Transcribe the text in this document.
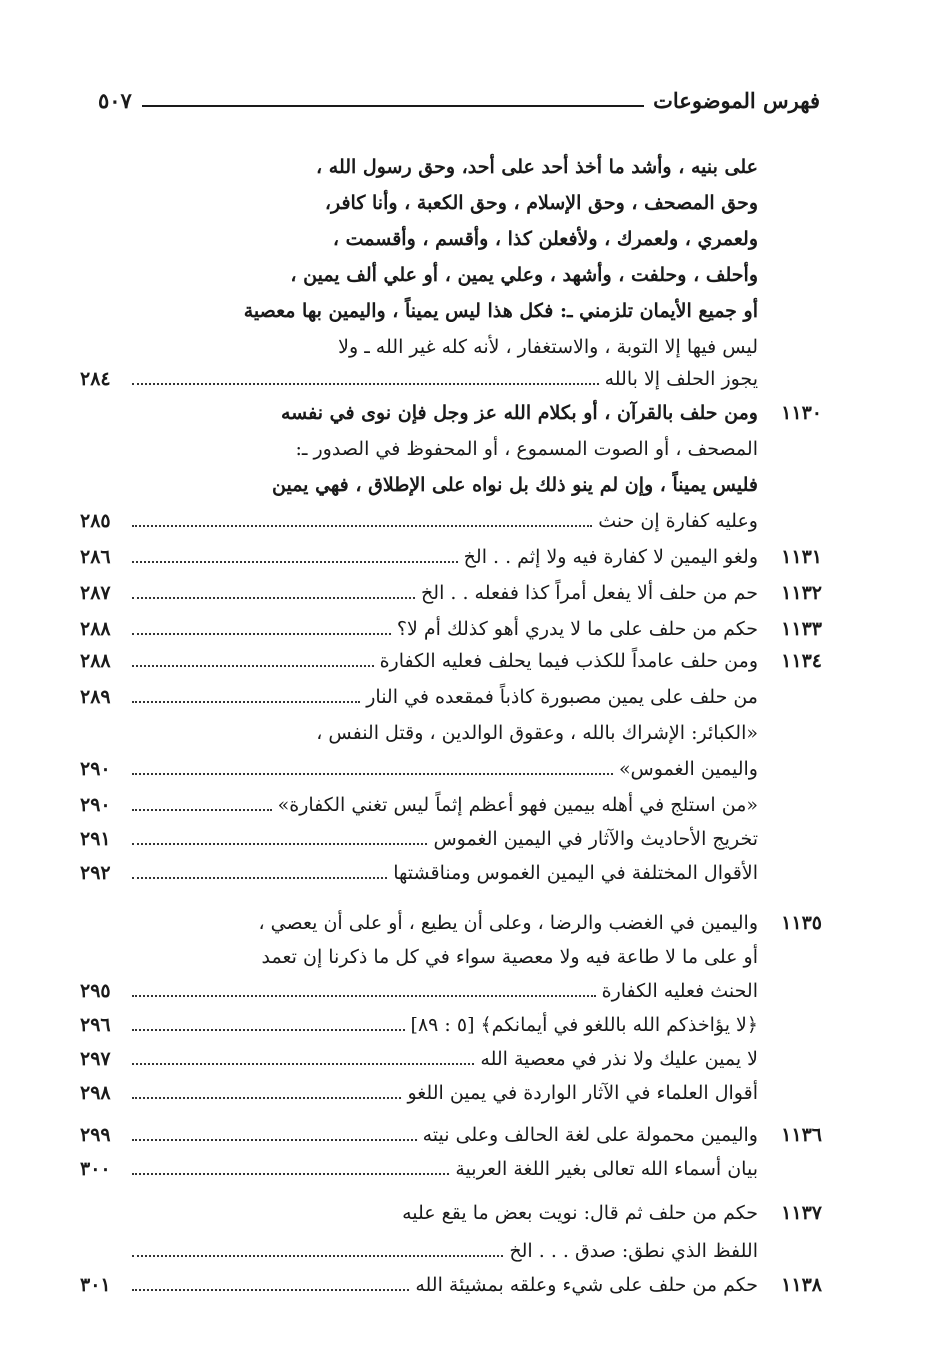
فهرس الموضوعات
٥٠٧
على بنيه ، وأشد ما أخذ أحد على أحد، وحق رسول الله ،
وحق المصحف ، وحق الإسلام ، وحق الكعبة ، وأنا كافر،
ولعمري ، ولعمرك ، ولأفعلن كذا ، وأقسم ، وأقسمت ،
وأحلف ، وحلفت ، وأشهد ، وعلي يمين ، أو علي ألف يمين ،
أو جميع الأيمان تلزمني ـ: فكل هذا ليس يميناً ، واليمين بها معصية
ليس فيها إلا التوبة ، والاستغفار ، لأنه كله غير الله ـ ولا
يجوز الحلف إلا بالله
٢٨٤
١١٣٠
ومن حلف بالقرآن ، أو بكلام الله عز وجل فإن نوى في نفسه
المصحف ، أو الصوت المسموع ، أو المحفوظ في الصدور ـ:
فليس يميناً ، وإن لم ينو ذلك بل نواه على الإطلاق ، فهي يمين
وعليه كفارة إن حنث
٢٨٥
١١٣١
ولغو اليمين لا كفارة فيه ولا إثم . . الخ
٢٨٦
١١٣٢
حم من حلف ألا يفعل أمراً كذا ففعله . . الخ
٢٨٧
١١٣٣
حكم من حلف على ما لا يدري أهو كذلك أم لا؟
٢٨٨
١١٣٤
ومن حلف عامداً للكذب فيما يحلف فعليه الكفارة
٢٨٨
من حلف على يمين مصبورة كاذباً فمقعده في النار
٢٨٩
«الكبائر: الإشراك بالله ، وعقوق الوالدين ، وقتل النفس ،
واليمين الغموس»
٢٩٠
«من استلج في أهله بيمين فهو أعظم إثماً ليس تغني الكفارة»
٢٩٠
تخريج الأحاديث والآثار في اليمين الغموس
٢٩١
الأقوال المختلفة في اليمين الغموس ومناقشتها
٢٩٢
١١٣٥
واليمين في الغضب والرضا ، وعلى أن يطيع ، أو على أن يعصي ،
أو على ما لا طاعة فيه ولا معصية سواء في كل ما ذكرنا إن تعمد
الحنث فعليه الكفارة
٢٩٥
﴿لا يؤاخذكم الله باللغو في أيمانكم﴾ [٥ : ٨٩]
٢٩٦
لا يمين عليك ولا نذر في معصية الله
٢٩٧
أقوال العلماء في الآثار الواردة في يمين اللغو
٢٩٨
١١٣٦
واليمين محمولة على لغة الحالف وعلى نيته
٢٩٩
بيان أسماء الله تعالى بغير اللغة العربية
٣٠٠
١١٣٧
حكم من حلف ثم قال: نويت بعض ما يقع عليه
اللفظ الذي نطق: صدق . . . الخ
١١٣٨
حكم من حلف على شيء وعلقه بمشيئة الله
٣٠١
